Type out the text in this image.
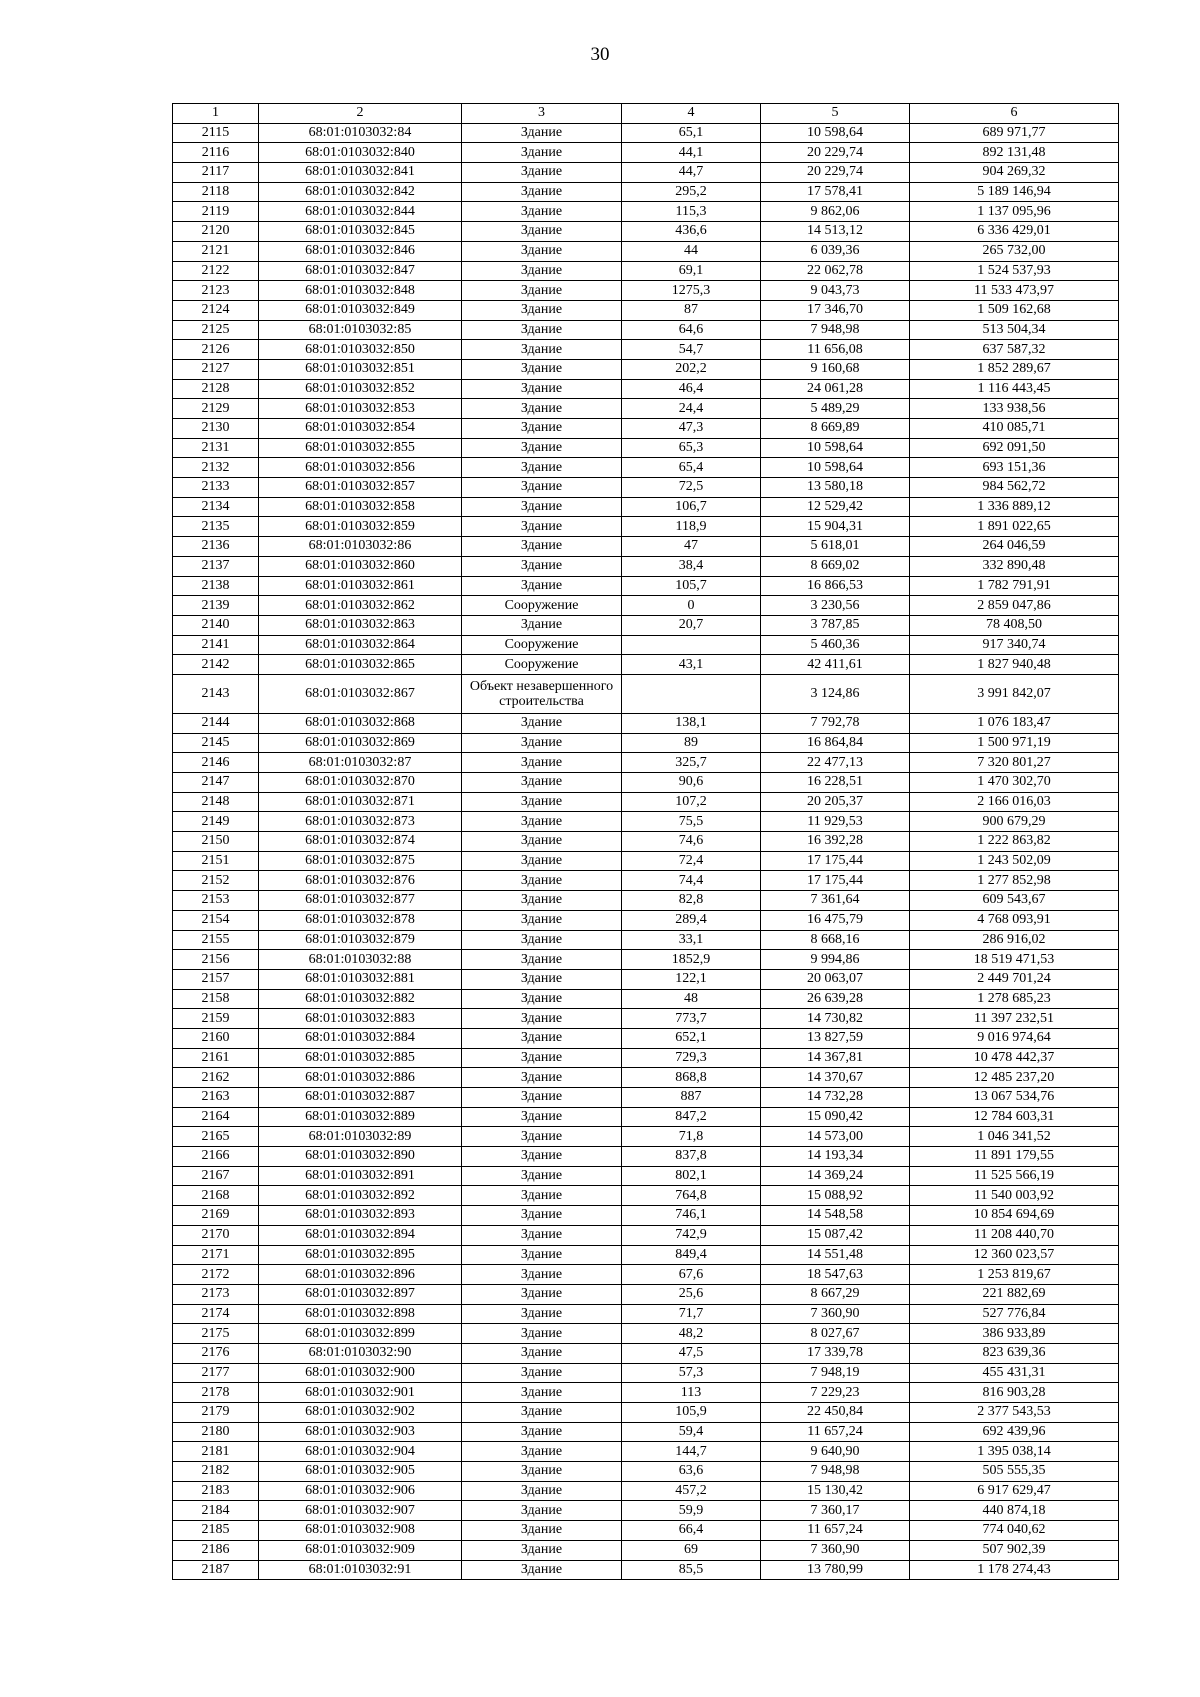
30
1	2	3	4	5	6
2115	68:01:0103032:84	Здание	65,1	10 598,64	689 971,77
2116	68:01:0103032:840	Здание	44,1	20 229,74	892 131,48
2117	68:01:0103032:841	Здание	44,7	20 229,74	904 269,32
2118	68:01:0103032:842	Здание	295,2	17 578,41	5 189 146,94
2119	68:01:0103032:844	Здание	115,3	9 862,06	1 137 095,96
2120	68:01:0103032:845	Здание	436,6	14 513,12	6 336 429,01
2121	68:01:0103032:846	Здание	44	6 039,36	265 732,00
2122	68:01:0103032:847	Здание	69,1	22 062,78	1 524 537,93
2123	68:01:0103032:848	Здание	1275,3	9 043,73	11 533 473,97
2124	68:01:0103032:849	Здание	87	17 346,70	1 509 162,68
2125	68:01:0103032:85	Здание	64,6	7 948,98	513 504,34
2126	68:01:0103032:850	Здание	54,7	11 656,08	637 587,32
2127	68:01:0103032:851	Здание	202,2	9 160,68	1 852 289,67
2128	68:01:0103032:852	Здание	46,4	24 061,28	1 116 443,45
2129	68:01:0103032:853	Здание	24,4	5 489,29	133 938,56
2130	68:01:0103032:854	Здание	47,3	8 669,89	410 085,71
2131	68:01:0103032:855	Здание	65,3	10 598,64	692 091,50
2132	68:01:0103032:856	Здание	65,4	10 598,64	693 151,36
2133	68:01:0103032:857	Здание	72,5	13 580,18	984 562,72
2134	68:01:0103032:858	Здание	106,7	12 529,42	1 336 889,12
2135	68:01:0103032:859	Здание	118,9	15 904,31	1 891 022,65
2136	68:01:0103032:86	Здание	47	5 618,01	264 046,59
2137	68:01:0103032:860	Здание	38,4	8 669,02	332 890,48
2138	68:01:0103032:861	Здание	105,7	16 866,53	1 782 791,91
2139	68:01:0103032:862	Сооружение	0	3 230,56	2 859 047,86
2140	68:01:0103032:863	Здание	20,7	3 787,85	78 408,50
2141	68:01:0103032:864	Сооружение		5 460,36	917 340,74
2142	68:01:0103032:865	Сооружение	43,1	42 411,61	1 827 940,48
2143	68:01:0103032:867	Объект незавершенного строительства		3 124,86	3 991 842,07
2144	68:01:0103032:868	Здание	138,1	7 792,78	1 076 183,47
2145	68:01:0103032:869	Здание	89	16 864,84	1 500 971,19
2146	68:01:0103032:87	Здание	325,7	22 477,13	7 320 801,27
2147	68:01:0103032:870	Здание	90,6	16 228,51	1 470 302,70
2148	68:01:0103032:871	Здание	107,2	20 205,37	2 166 016,03
2149	68:01:0103032:873	Здание	75,5	11 929,53	900 679,29
2150	68:01:0103032:874	Здание	74,6	16 392,28	1 222 863,82
2151	68:01:0103032:875	Здание	72,4	17 175,44	1 243 502,09
2152	68:01:0103032:876	Здание	74,4	17 175,44	1 277 852,98
2153	68:01:0103032:877	Здание	82,8	7 361,64	609 543,67
2154	68:01:0103032:878	Здание	289,4	16 475,79	4 768 093,91
2155	68:01:0103032:879	Здание	33,1	8 668,16	286 916,02
2156	68:01:0103032:88	Здание	1852,9	9 994,86	18 519 471,53
2157	68:01:0103032:881	Здание	122,1	20 063,07	2 449 701,24
2158	68:01:0103032:882	Здание	48	26 639,28	1 278 685,23
2159	68:01:0103032:883	Здание	773,7	14 730,82	11 397 232,51
2160	68:01:0103032:884	Здание	652,1	13 827,59	9 016 974,64
2161	68:01:0103032:885	Здание	729,3	14 367,81	10 478 442,37
2162	68:01:0103032:886	Здание	868,8	14 370,67	12 485 237,20
2163	68:01:0103032:887	Здание	887	14 732,28	13 067 534,76
2164	68:01:0103032:889	Здание	847,2	15 090,42	12 784 603,31
2165	68:01:0103032:89	Здание	71,8	14 573,00	1 046 341,52
2166	68:01:0103032:890	Здание	837,8	14 193,34	11 891 179,55
2167	68:01:0103032:891	Здание	802,1	14 369,24	11 525 566,19
2168	68:01:0103032:892	Здание	764,8	15 088,92	11 540 003,92
2169	68:01:0103032:893	Здание	746,1	14 548,58	10 854 694,69
2170	68:01:0103032:894	Здание	742,9	15 087,42	11 208 440,70
2171	68:01:0103032:895	Здание	849,4	14 551,48	12 360 023,57
2172	68:01:0103032:896	Здание	67,6	18 547,63	1 253 819,67
2173	68:01:0103032:897	Здание	25,6	8 667,29	221 882,69
2174	68:01:0103032:898	Здание	71,7	7 360,90	527 776,84
2175	68:01:0103032:899	Здание	48,2	8 027,67	386 933,89
2176	68:01:0103032:90	Здание	47,5	17 339,78	823 639,36
2177	68:01:0103032:900	Здание	57,3	7 948,19	455 431,31
2178	68:01:0103032:901	Здание	113	7 229,23	816 903,28
2179	68:01:0103032:902	Здание	105,9	22 450,84	2 377 543,53
2180	68:01:0103032:903	Здание	59,4	11 657,24	692 439,96
2181	68:01:0103032:904	Здание	144,7	9 640,90	1 395 038,14
2182	68:01:0103032:905	Здание	63,6	7 948,98	505 555,35
2183	68:01:0103032:906	Здание	457,2	15 130,42	6 917 629,47
2184	68:01:0103032:907	Здание	59,9	7 360,17	440 874,18
2185	68:01:0103032:908	Здание	66,4	11 657,24	774 040,62
2186	68:01:0103032:909	Здание	69	7 360,90	507 902,39
2187	68:01:0103032:91	Здание	85,5	13 780,99	1 178 274,43
